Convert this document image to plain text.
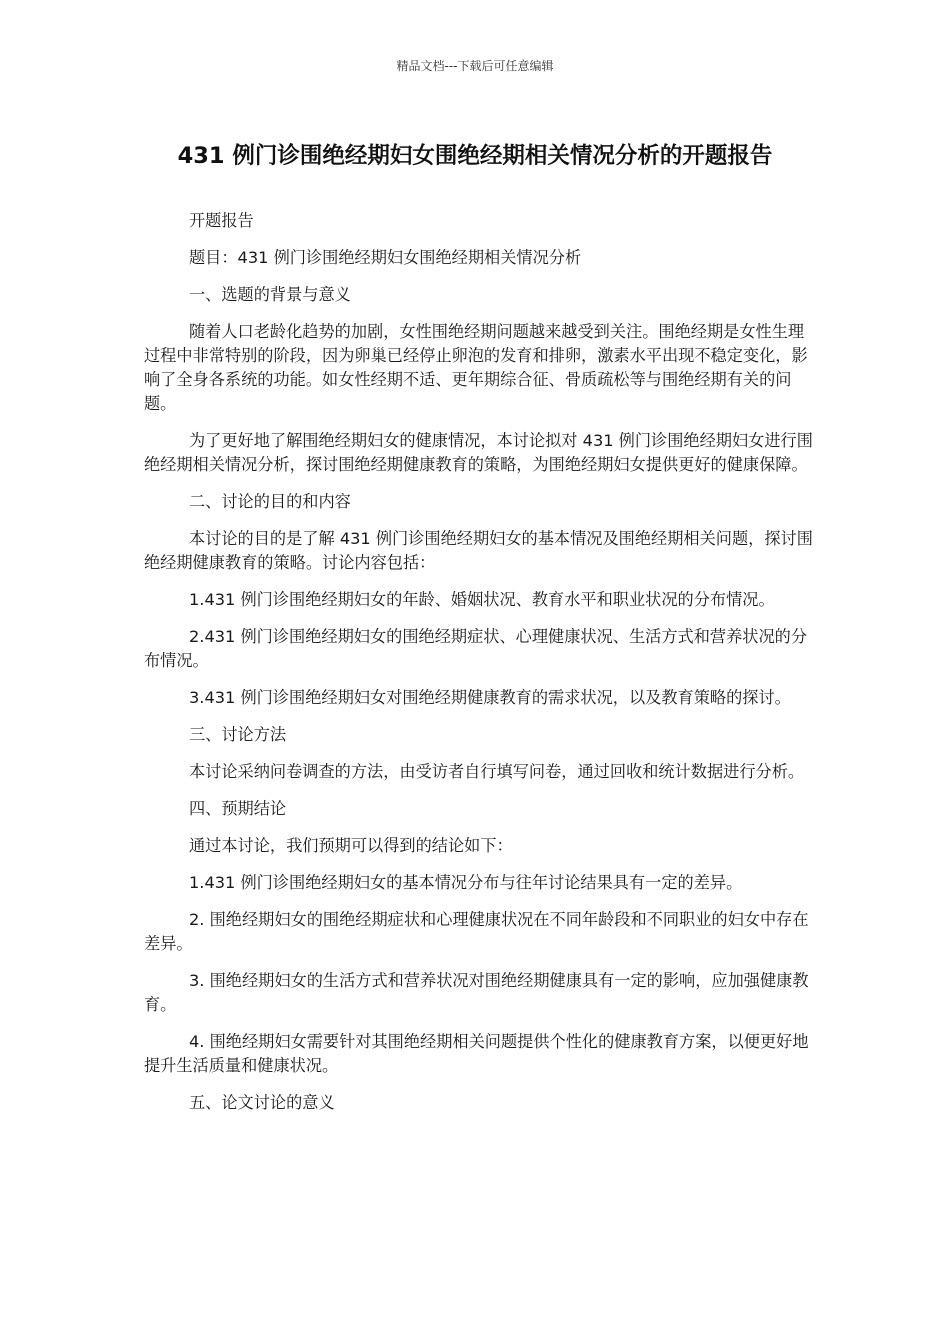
精品文档---下载后可任意编辑
431 例门诊围绝经期妇女围绝经期相关情况分析的开题报告

开题报告

题目：431 例门诊围绝经期妇女围绝经期相关情况分析

一、选题的背景与意义

随着人口老龄化趋势的加剧，女性围绝经期问题越来越受到关注。围绝经期是女性生理过程中非常特别的阶段，因为卵巢已经停止卵泡的发育和排卵，激素水平出现不稳定变化，影响了全身各系统的功能。如女性经期不适、更年期综合征、骨质疏松等与围绝经期有关的问题。

为了更好地了解围绝经期妇女的健康情况，本讨论拟对 431 例门诊围绝经期妇女进行围绝经期相关情况分析，探讨围绝经期健康教育的策略，为围绝经期妇女提供更好的健康保障。

二、讨论的目的和内容

本讨论的目的是了解 431 例门诊围绝经期妇女的基本情况及围绝经期相关问题，探讨围绝经期健康教育的策略。讨论内容包括：

1.431 例门诊围绝经期妇女的年龄、婚姻状况、教育水平和职业状况的分布情况。

2.431 例门诊围绝经期妇女的围绝经期症状、心理健康状况、生活方式和营养状况的分布情况。

3.431 例门诊围绝经期妇女对围绝经期健康教育的需求状况，以及教育策略的探讨。

三、讨论方法

本讨论采纳问卷调查的方法，由受访者自行填写问卷，通过回收和统计数据进行分析。

四、预期结论

通过本讨论，我们预期可以得到的结论如下：

1.431 例门诊围绝经期妇女的基本情况分布与往年讨论结果具有一定的差异。

2. 围绝经期妇女的围绝经期症状和心理健康状况在不同年龄段和不同职业的妇女中存在差异。

3. 围绝经期妇女的生活方式和营养状况对围绝经期健康具有一定的影响，应加强健康教育。

4. 围绝经期妇女需要针对其围绝经期相关问题提供个性化的健康教育方案，以便更好地提升生活质量和健康状况。

五、论文讨论的意义
